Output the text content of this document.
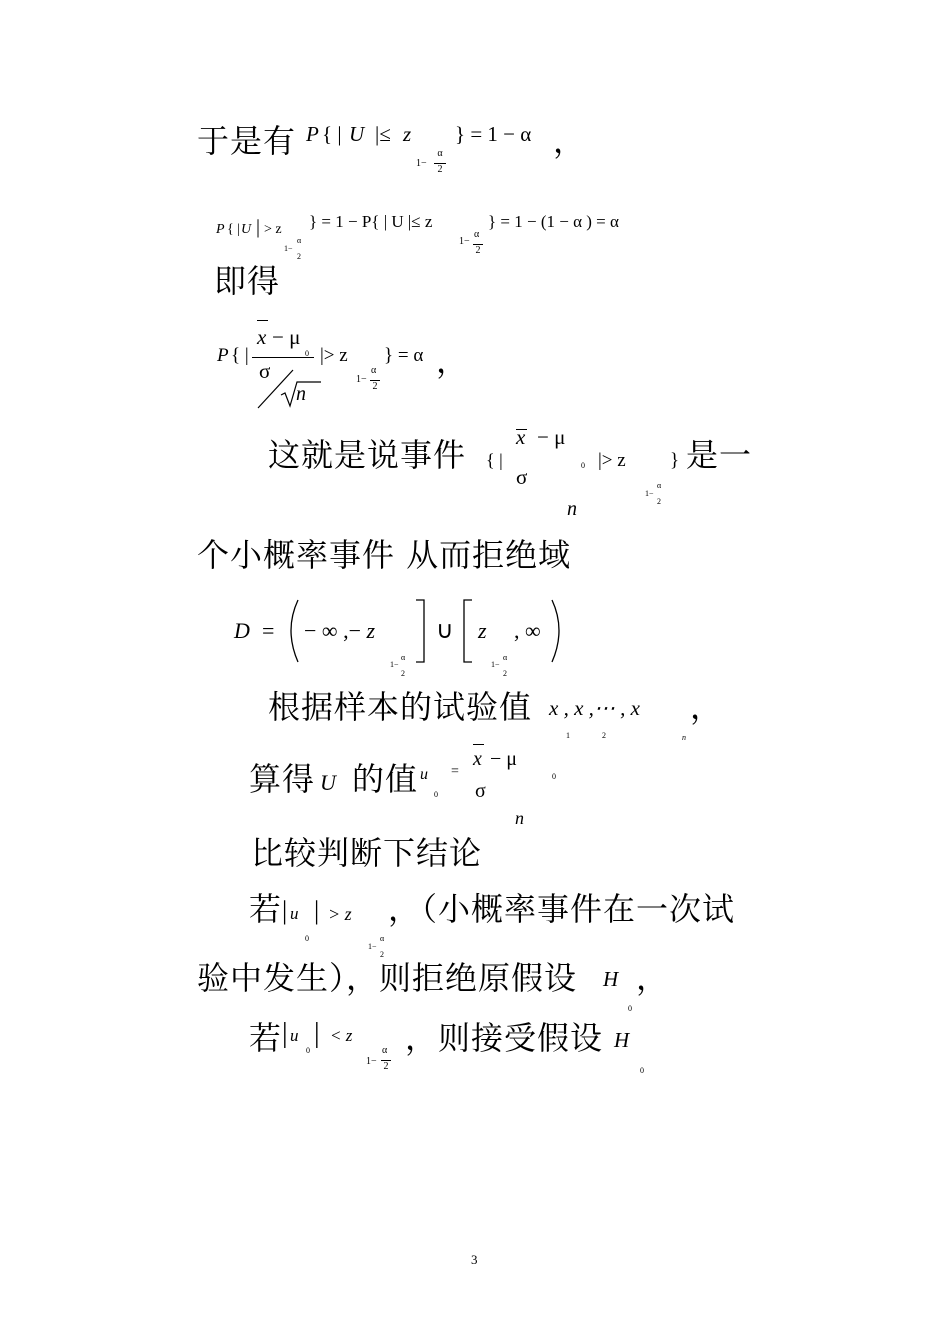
于是有 P { | U |≤ z
1−
α
2
} = 1 − α ，
P { | U | > z
1−
α
2
} = 1 − P{ | U |≤ z
1−
α
2
} = 1 − (1 − α ) = α
即得
P { |
x − μ
0
σ
n
|> z
1−
α
2
} = α ，
这就是说事件 { |
x − μ
0
σ
n
|> z
1−
α
2
} 是一
个小概率事件 从而拒绝域
D = − ∞ ,− z
1−
α
2
∪ z
1−
α
2
, ∞
根据样本的试验值 x , x ,⋯ , x
1	2	n
，
算得 U 的值 u
0
=
x − μ
0
σ
n
比较判断下结论
若 | u
0
| > z
1−
α
2
，（小概率事件在一次试
验中发生），则拒绝原假设 H ，
若 | u
0
| < z
1−
α
2
，则接受假设
0
H
0
3
